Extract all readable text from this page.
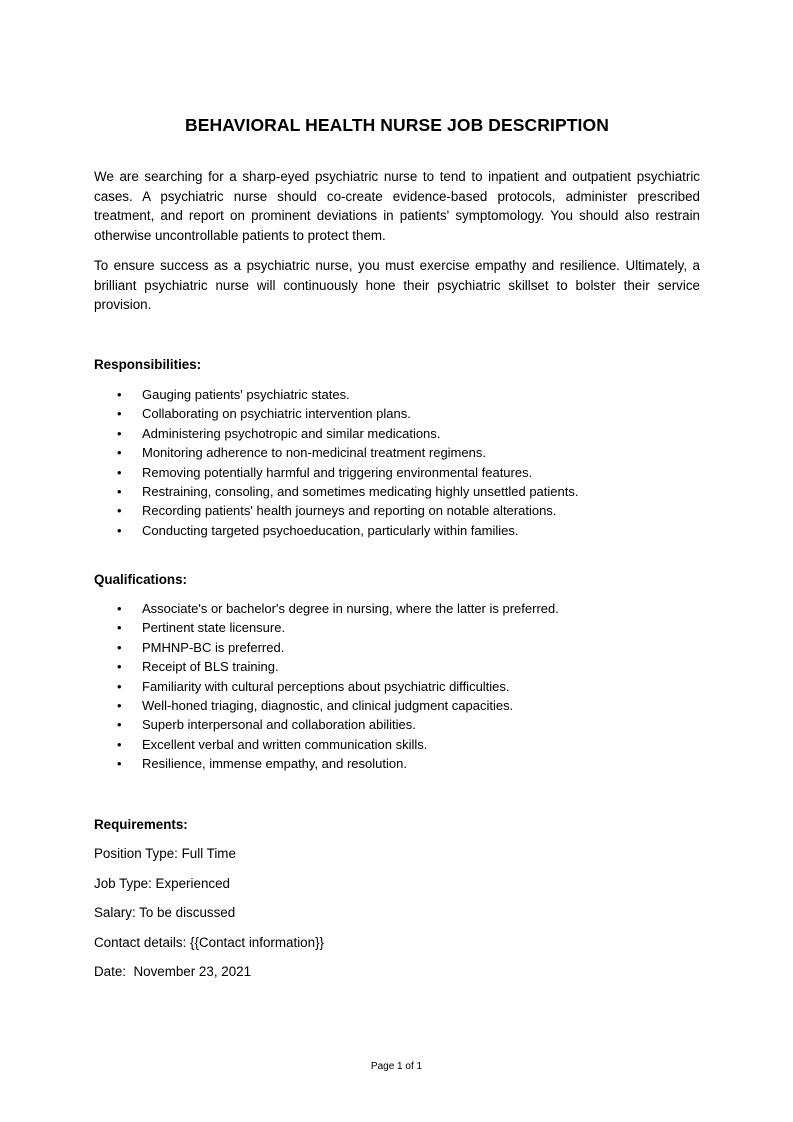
BEHAVIORAL HEALTH NURSE JOB DESCRIPTION

We are searching for a sharp-eyed psychiatric nurse to tend to inpatient and outpatient psychiatric cases. A psychiatric nurse should co-create evidence-based protocols, administer prescribed treatment, and report on prominent deviations in patients' symptomology. You should also restrain otherwise uncontrollable patients to protect them.

To ensure success as a psychiatric nurse, you must exercise empathy and resilience. Ultimately, a brilliant psychiatric nurse will continuously hone their psychiatric skillset to bolster their service provision.

Responsibilities:

• Gauging patients' psychiatric states.
• Collaborating on psychiatric intervention plans.
• Administering psychotropic and similar medications.
• Monitoring adherence to non-medicinal treatment regimens.
• Removing potentially harmful and triggering environmental features.
• Restraining, consoling, and sometimes medicating highly unsettled patients.
• Recording patients' health journeys and reporting on notable alterations.
• Conducting targeted psychoeducation, particularly within families.

Qualifications:

• Associate's or bachelor's degree in nursing, where the latter is preferred.
• Pertinent state licensure.
• PMHNP-BC is preferred.
• Receipt of BLS training.
• Familiarity with cultural perceptions about psychiatric difficulties.
• Well-honed triaging, diagnostic, and clinical judgment capacities.
• Superb interpersonal and collaboration abilities.
• Excellent verbal and written communication skills.
• Resilience, immense empathy, and resolution.

Requirements:

Position Type: Full Time

Job Type: Experienced

Salary: To be discussed

Contact details: {{Contact information}}

Date:  November 23, 2021

Page 1 of 1
